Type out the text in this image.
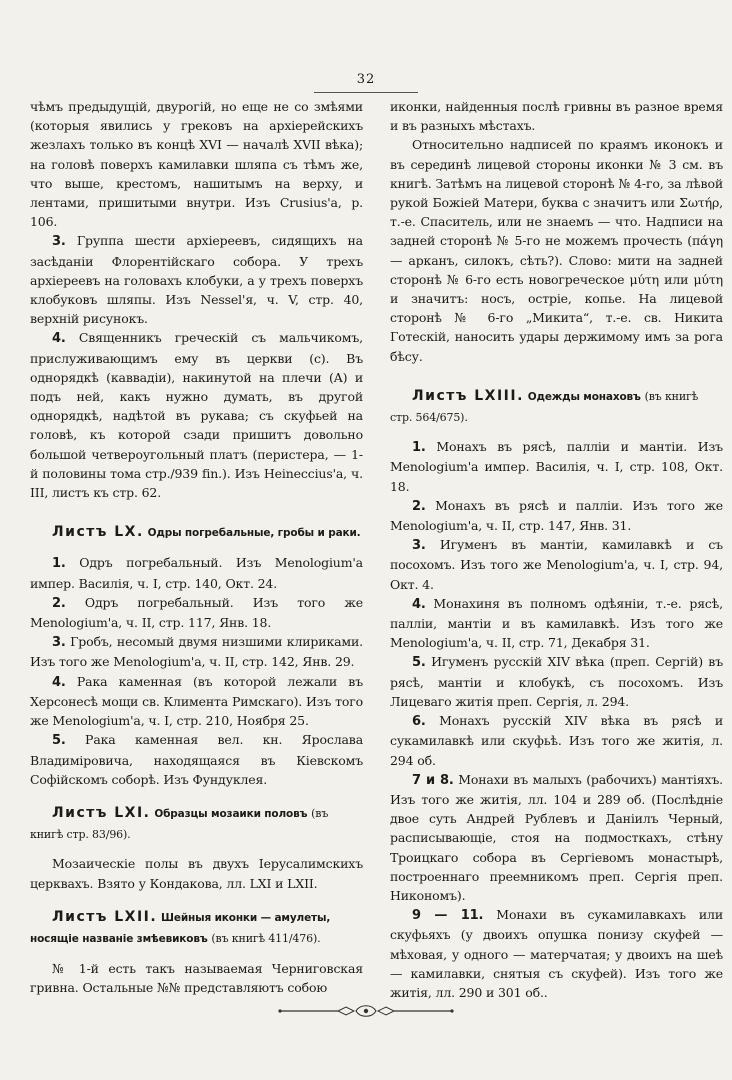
32

чѣмъ предыдущій, двурогій, но еще не со змѣями (которыя явились у грековъ на архіерейскихъ жезлахъ только въ концѣ XVI — началѣ XVII вѣка); на головѣ поверхъ камилавки шляпа съ тѣмъ же, что выше, крестомъ, нашитымъ на верху, и лентами, пришитыми внутри. Изъ Crusius'а, р. 106.

3. Группа шести архіереевъ, сидящихъ на засѣданіи Флорентійскаго собора. У трехъ архіереевъ на головахъ клобуки, а у трехъ поверхъ клобуковъ шляпы. Изъ Nessel'я, ч. V, стр. 40, верхній рисунокъ.

4. Священникъ греческій съ мальчикомъ, прислуживающимъ ему въ церкви (c). Въ однорядкѣ (каввадіи), накинутой на плечи (A) и подъ ней, какъ нужно думать, въ другой однорядкѣ, надѣтой въ рукава; съ скуфьей на головѣ, къ которой сзади пришитъ довольно большой четвероугольный платъ (перистера, — 1-й половины тома стр./939 fin.). Изъ Heineccius'а, ч. III, листъ къ стр. 62.

Листъ LX. Одры погребальные, гробы и раки.

1. Одръ погребальный. Изъ Menologium'а импер. Василія, ч. I, стр. 140, Окт. 24.

2. Одръ погребальный. Изъ того же Menologium'а, ч. II, стр. 117, Янв. 18.

3. Гробъ, несомый двумя низшими клириками. Изъ того же Menologium'а, ч. II, стр. 142, Янв. 29.

4. Рака каменная (въ которой лежали въ Херсонесѣ мощи св. Климента Римскаго). Изъ того же Menologium'а, ч. I, стр. 210, Ноября 25.

5. Рака каменная вел. кн. Ярослава Владиміровича, находящаяся въ Кіевскомъ Софійскомъ соборѣ. Изъ Фундуклея.

Листъ LXI. Образцы мозаики половъ (въ книгѣ стр. 83/96).

Мозаическіе полы въ двухъ Іерусалимскихъ церквахъ. Взято у Кондакова, лл. LXI и LXII.

Листъ LXII. Шейныя иконки — амулеты, носящіе названіе змѣевиковъ (въ книгѣ 411/476).

№ 1-й есть такъ называемая Черниговская гривна. Остальные №№ представляютъ собою

иконки, найденныя послѣ гривны въ разное время и въ разныхъ мѣстахъ.

Относительно надписей по краямъ иконокъ и въ серединѣ лицевой стороны иконки № 3 см. въ книгѣ. Затѣмъ на лицевой сторонѣ № 4-го, за лѣвой рукой Божіей Матери, буква с значитъ или Σωτήρ, т.-е. Спаситель, или не знаемъ — что. Надписи на задней сторонѣ № 5-го не можемъ прочесть (πάγη — арканъ, силокъ, сѣть?). Слово: мити на задней сторонѣ № 6-го есть новогреческое μύτη или μύτη и значитъ: носъ, остріе, копье. На лицевой сторонѣ № 6-го „Микита“, т.-е. св. Никита Готескій, наносить удары держимому имъ за рога бѣсу.

Листъ LXIII. Одежды монаховъ (въ книгѣ стр. 564/675).

1. Монахъ въ рясѣ, палліи и мантіи. Изъ Menologium'а импер. Василія, ч. I, стр. 108, Окт. 18.

2. Монахъ въ рясѣ и палліи. Изъ того же Menologium'а, ч. II, стр. 147, Янв. 31.

3. Игуменъ въ мантіи, камилавкѣ и съ посохомъ. Изъ того же Menologium'а, ч. I, стр. 94, Окт. 4.

4. Монахиня въ полномъ одѣяніи, т.-е. рясѣ, палліи, мантіи и въ камилавкѣ. Изъ того же Menologium'а, ч. II, стр. 71, Декабря 31.

5. Игуменъ русскій XIV вѣка (преп. Сергій) въ рясѣ, мантіи и клобукѣ, съ посохомъ. Изъ Лицеваго житія преп. Сергія, л. 294.

6. Монахъ русскій XIV вѣка въ рясѣ и сукамилавкѣ или скуфьѣ. Изъ того же житія, л. 294 об.

7 и 8. Монахи въ малыхъ (рабочихъ) мантіяхъ. Изъ того же житія, лл. 104 и 289 об. (Послѣдніе двое суть Андрей Рублевъ и Даніилъ Черный, расписывающіе, стоя на подмосткахъ, стѣну Троицкаго собора въ Сергіевомъ монастырѣ, построеннаго преемникомъ преп. Сергія преп. Никономъ).

9 — 11. Монахи въ сукамилавкахъ или скуфьяхъ (у двоихъ опушка понизу скуфей — мѣховая, у одного — матерчатая; у двоихъ на шеѣ — камилавки, снятыя съ скуфей). Изъ того же житія, лл. 290 и 301 об..
